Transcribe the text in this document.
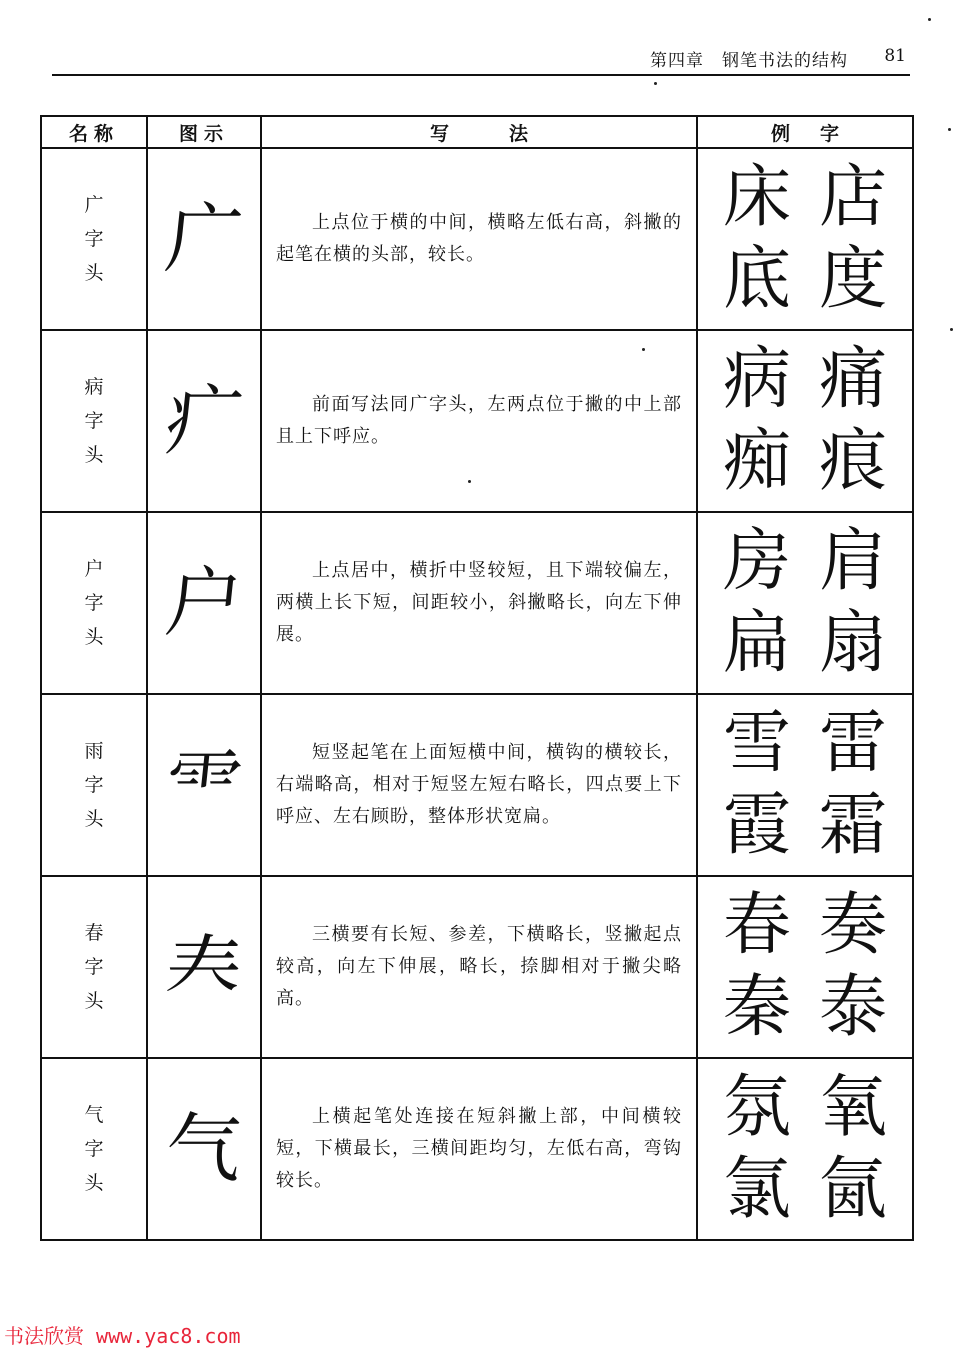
第四章　钢笔书法的结构 81
名称	图示	写法	例字

广
字
头	广	上点位于横的中间，横略左低右高，斜撇的起笔在横的头部，较长。	床 店
底 度

病
字
头	疒	前面写法同广字头，左两点位于撇的中上部且上下呼应。	病 痛
痴 痕

户
字
头	户	上点居中，横折中竖较短，且下端较偏左，两横上长下短，间距较小，斜撇略长，向左下伸展。	房 肩
扁 扇

雨
字
头	⻗	短竖起笔在上面短横中间，横钩的横较长，右端略高，相对于短竖左短右略长，四点要上下呼应、左右顾盼，整体形状宽扁。	雪 雷
霞 霜

春
字
头	𡗗	三横要有长短、参差，下横略长，竖撇起点较高，向左下伸展，略长，捺脚相对于撇尖略高。	春 奏
秦 泰

气
字
头	气	上横起笔处连接在短斜撇上部，中间横较短，下横最长，三横间距均匀，左低右高，弯钩较长。	氛 氧
氯 氤
书法欣赏 www.yac8.com
